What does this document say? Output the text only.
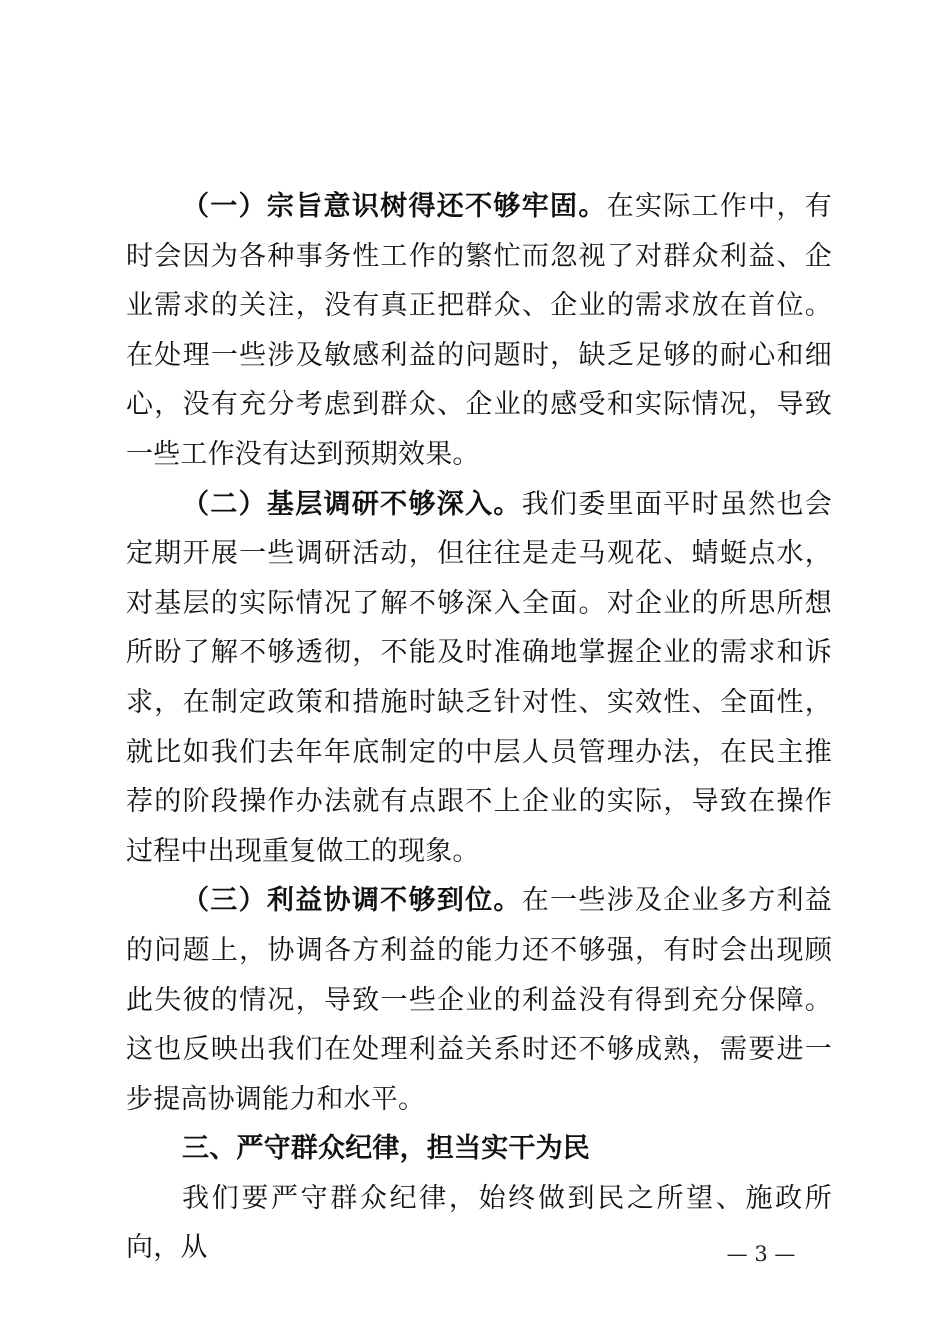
（一）宗旨意识树得还不够牢固。在实际工作中，有时会因为各种事务性工作的繁忙而忽视了对群众利益、企业需求的关注，没有真正把群众、企业的需求放在首位。在处理一些涉及敏感利益的问题时，缺乏足够的耐心和细心，没有充分考虑到群众、企业的感受和实际情况，导致一些工作没有达到预期效果。

（二）基层调研不够深入。我们委里面平时虽然也会定期开展一些调研活动，但往往是走马观花、蜻蜓点水，对基层的实际情况了解不够深入全面。对企业的所思所想所盼了解不够透彻，不能及时准确地掌握企业的需求和诉求，在制定政策和措施时缺乏针对性、实效性、全面性，就比如我们去年年底制定的中层人员管理办法，在民主推荐的阶段操作办法就有点跟不上企业的实际，导致在操作过程中出现重复做工的现象。

（三）利益协调不够到位。在一些涉及企业多方利益的问题上，协调各方利益的能力还不够强，有时会出现顾此失彼的情况，导致一些企业的利益没有得到充分保障。这也反映出我们在处理利益关系时还不够成熟，需要进一步提高协调能力和水平。

三、严守群众纪律，担当实干为民

我们要严守群众纪律，始终做到民之所望、施政所向，从	— 3 —
